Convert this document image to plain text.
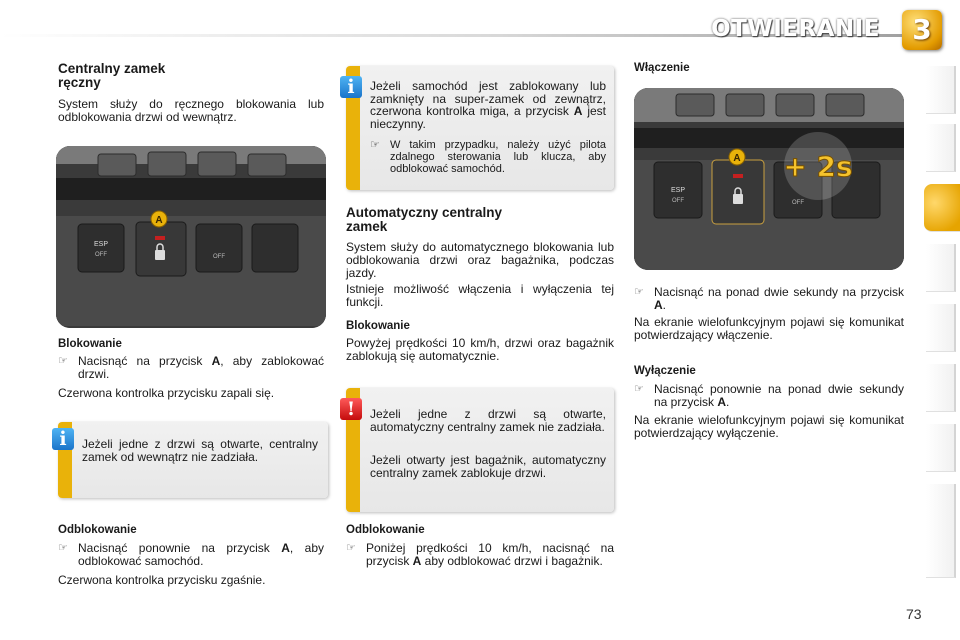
OTWIERANIE	3
Centralny zamek
ręczny
System służy do ręcznego blokowania lub odblokowania drzwi od wewnątrz.
A
ESP
OFF	OFF
Blokowanie
☞ Nacisnąć na przycisk A, aby zablokować drzwi.
Czerwona kontrolka przycisku zapali się.
Jeżeli jedne z drzwi są otwarte, centralny zamek od wewnątrz nie zadziała.
i
Odblokowanie
☞ Nacisnąć ponownie na przycisk A, aby odblokować samochód.
Czerwona kontrolka przycisku zgaśnie.
Jeżeli samochód jest zablokowany lub zamknięty na super-zamek od zewnątrz, czerwona kontrolka miga, a przycisk A jest nieczynny.
☞ W takim przypadku, należy użyć pilota zdalnego sterowania lub klucza, aby odblokować samochód.
i
Automatyczny centralny
zamek
System służy do automatycznego blokowania lub odblokowania drzwi oraz bagażnika, podczas jazdy.
Istnieje możliwość włączenia i wyłączenia tej funkcji.
Blokowanie
Powyżej prędkości 10 km/h, drzwi oraz bagażnik zablokują się automatycznie.
Jeżeli jedne z drzwi są otwarte, automatyczny centralny zamek nie zadziała.
Jeżeli otwarty jest bagażnik, automatyczny centralny zamek zablokuje drzwi.
!
Odblokowanie
☞ Poniżej prędkości 10 km/h, nacisnąć na przycisk A aby odblokować drzwi i bagażnik.
Włączenie
A
ESP
OFF	OFF
+ 2s
☞ Nacisnąć na ponad dwie sekundy na przycisk A.
Na ekranie wielofunkcyjnym pojawi się komunikat potwierdzający włączenie.
Wyłączenie
☞ Nacisnąć ponownie na ponad dwie sekundy na przycisk A.
Na ekranie wielofunkcyjnym pojawi się komunikat potwierdzający wyłączenie.
73
